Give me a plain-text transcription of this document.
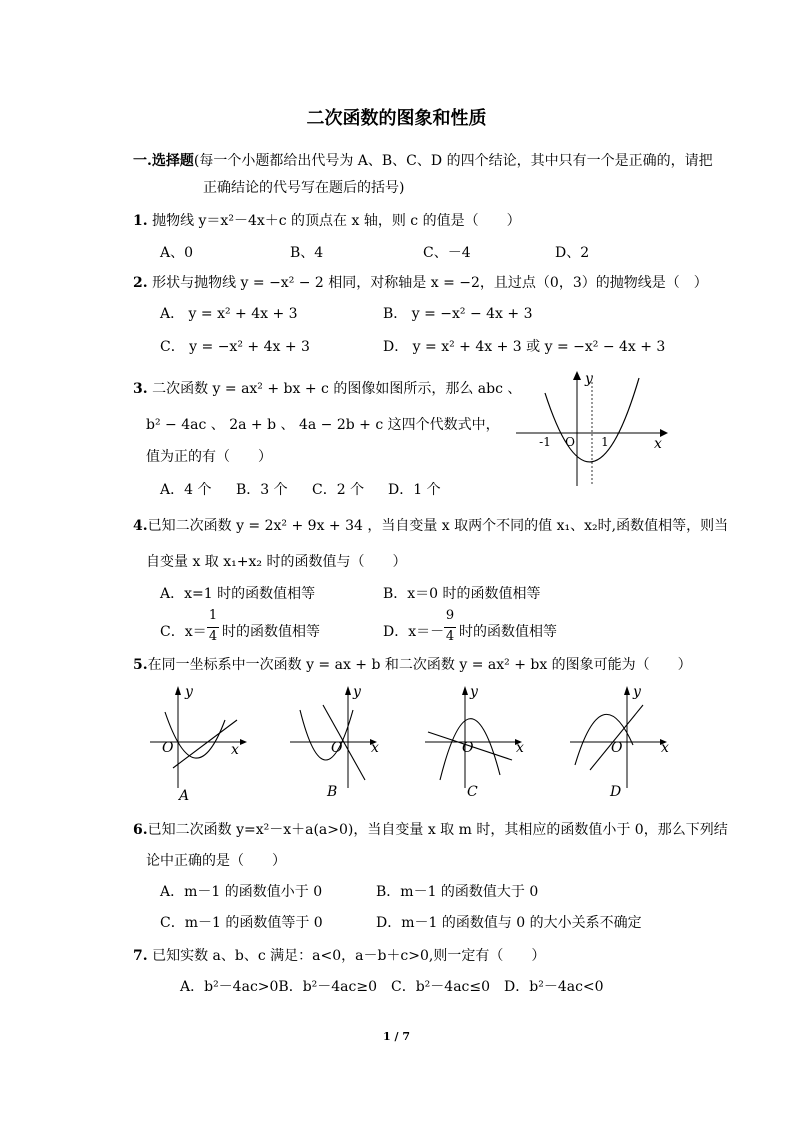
二次函数的图象和性质
一.选择题(每一个小题都给出代号为 A、B、C、D 的四个结论，其中只有一个是正确的，请把
正确结论的代号写在题后的括号)
1. 抛物线 y＝x²－4x＋c 的顶点在 x 轴，则 c 的值是（　　）
A、0	B、4	C、－4	D、2
2. 形状与抛物线 y = −x² − 2 相同，对称轴是 x = −2，且过点（0，3）的抛物线是（　）
A． y = x² + 4x + 3	B． y = −x² − 4x + 3
C． y = −x² + 4x + 3	D． y = x² + 4x + 3 或 y = −x² − 4x + 3
3. 二次函数 y = ax² + bx + c 的图像如图所示，那么 abc 、
b² − 4ac 、 2a + b 、 4a − 2b + c 这四个代数式中，
值为正的有（　　）
A．4 个 B．3 个 C．2 个 D．1 个
y
x
O
-1	1
4.已知二次函数 y = 2x² + 9x + 34 ，当自变量 x 取两个不同的值 x₁、x₂时,函数值相等，则当
自变量 x 取 x₁+x₂ 时的函数值与（　　）
A．x=1 时的函数值相等	B．x＝0 时的函数值相等
C．x＝
1
4 时的函数值相等	D．x＝－
9
4 时的函数值相等
5.在同一坐标系中一次函数 y = ax + b 和二次函数 y = ax² + bx 的图象可能为（　　）
y
x
O
A
y
x
O
B
y
x
O
C
y
x
O
D
6.已知二次函数 y=x²－x＋a(a>0)，当自变量 x 取 m 时，其相应的函数值小于 0，那么下列结
论中正确的是（　　）
A．m－1 的函数值小于 0	B．m－1 的函数值大于 0
C．m－1 的函数值等于 0	D．m－1 的函数值与 0 的大小关系不确定
7. 已知实数 a、b、c 满足：a<0，a－b＋c>0,则一定有（　　）
A．b²－4ac>0B．b²－4ac≥0　C．b²－4ac≤0　D．b²－4ac<0
1 / 7
